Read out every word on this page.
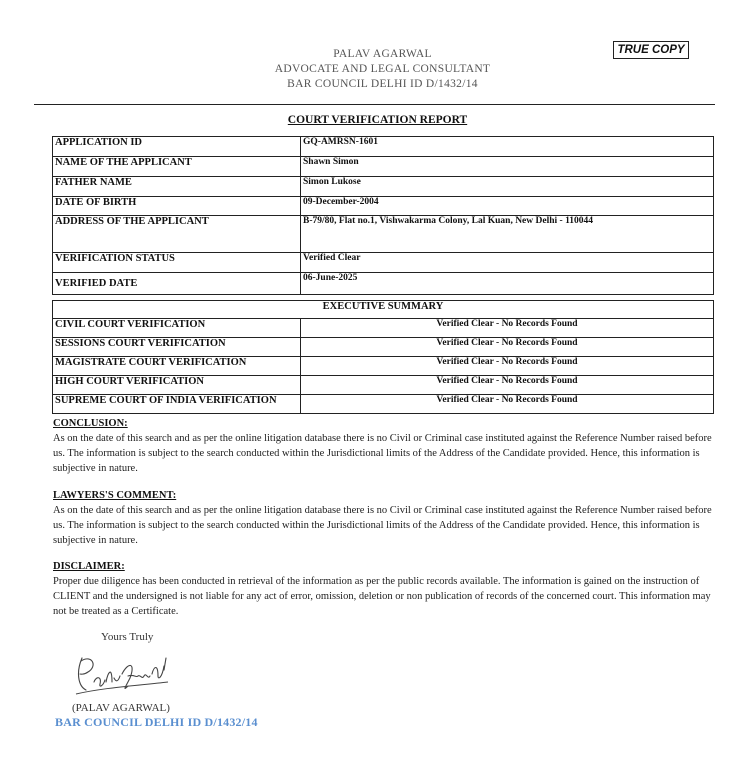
TRUE COPY
PALAV AGARWAL
ADVOCATE AND LEGAL CONSULTANT
BAR COUNCIL DELHI ID D/1432/14
COURT VERIFICATION REPORT
APPLICATION ID	GQ-AMRSN-1601
NAME OF THE APPLICANT	Shawn Simon
FATHER NAME	Simon Lukose
DATE OF BIRTH	09-December-2004
ADDRESS OF THE APPLICANT	B-79/80, Flat no.1, Vishwakarma Colony, Lal Kuan, New Delhi - 110044
VERIFICATION STATUS	Verified Clear
VERIFIED DATE	06-June-2025
EXECUTIVE SUMMARY	
CIVIL COURT VERIFICATION	Verified Clear - No Records Found
SESSIONS COURT VERIFICATION	Verified Clear - No Records Found
MAGISTRATE COURT VERIFICATION	Verified Clear - No Records Found
HIGH COURT VERIFICATION	Verified Clear - No Records Found
SUPREME COURT OF INDIA VERIFICATION	Verified Clear - No Records Found
CONCLUSION:

As on the date of this search and as per the online litigation database there is no Civil or Criminal case instituted against the Reference Number raised before us. The information is subject to the search conducted within the Jurisdictional limits of the Address of the Candidate provided. Hence, this information is subjective in nature.

LAWYERS'S COMMENT:

As on the date of this search and as per the online litigation database there is no Civil or Criminal case instituted against the Reference Number raised before us. The information is subject to the search conducted within the Jurisdictional limits of the Address of the Candidate provided. Hence, this information is subjective in nature.

DISCLAIMER:

Proper due diligence has been conducted in retrieval of the information as per the public records available. The information is gained on the instruction of CLIENT and the undersigned is not liable for any act of error, omission, deletion or non publication of records of the concerned court. This information may not be treated as a Certificate.

Yours Truly
(PALAV AGARWAL)
BAR COUNCIL DELHI ID D/1432/14
